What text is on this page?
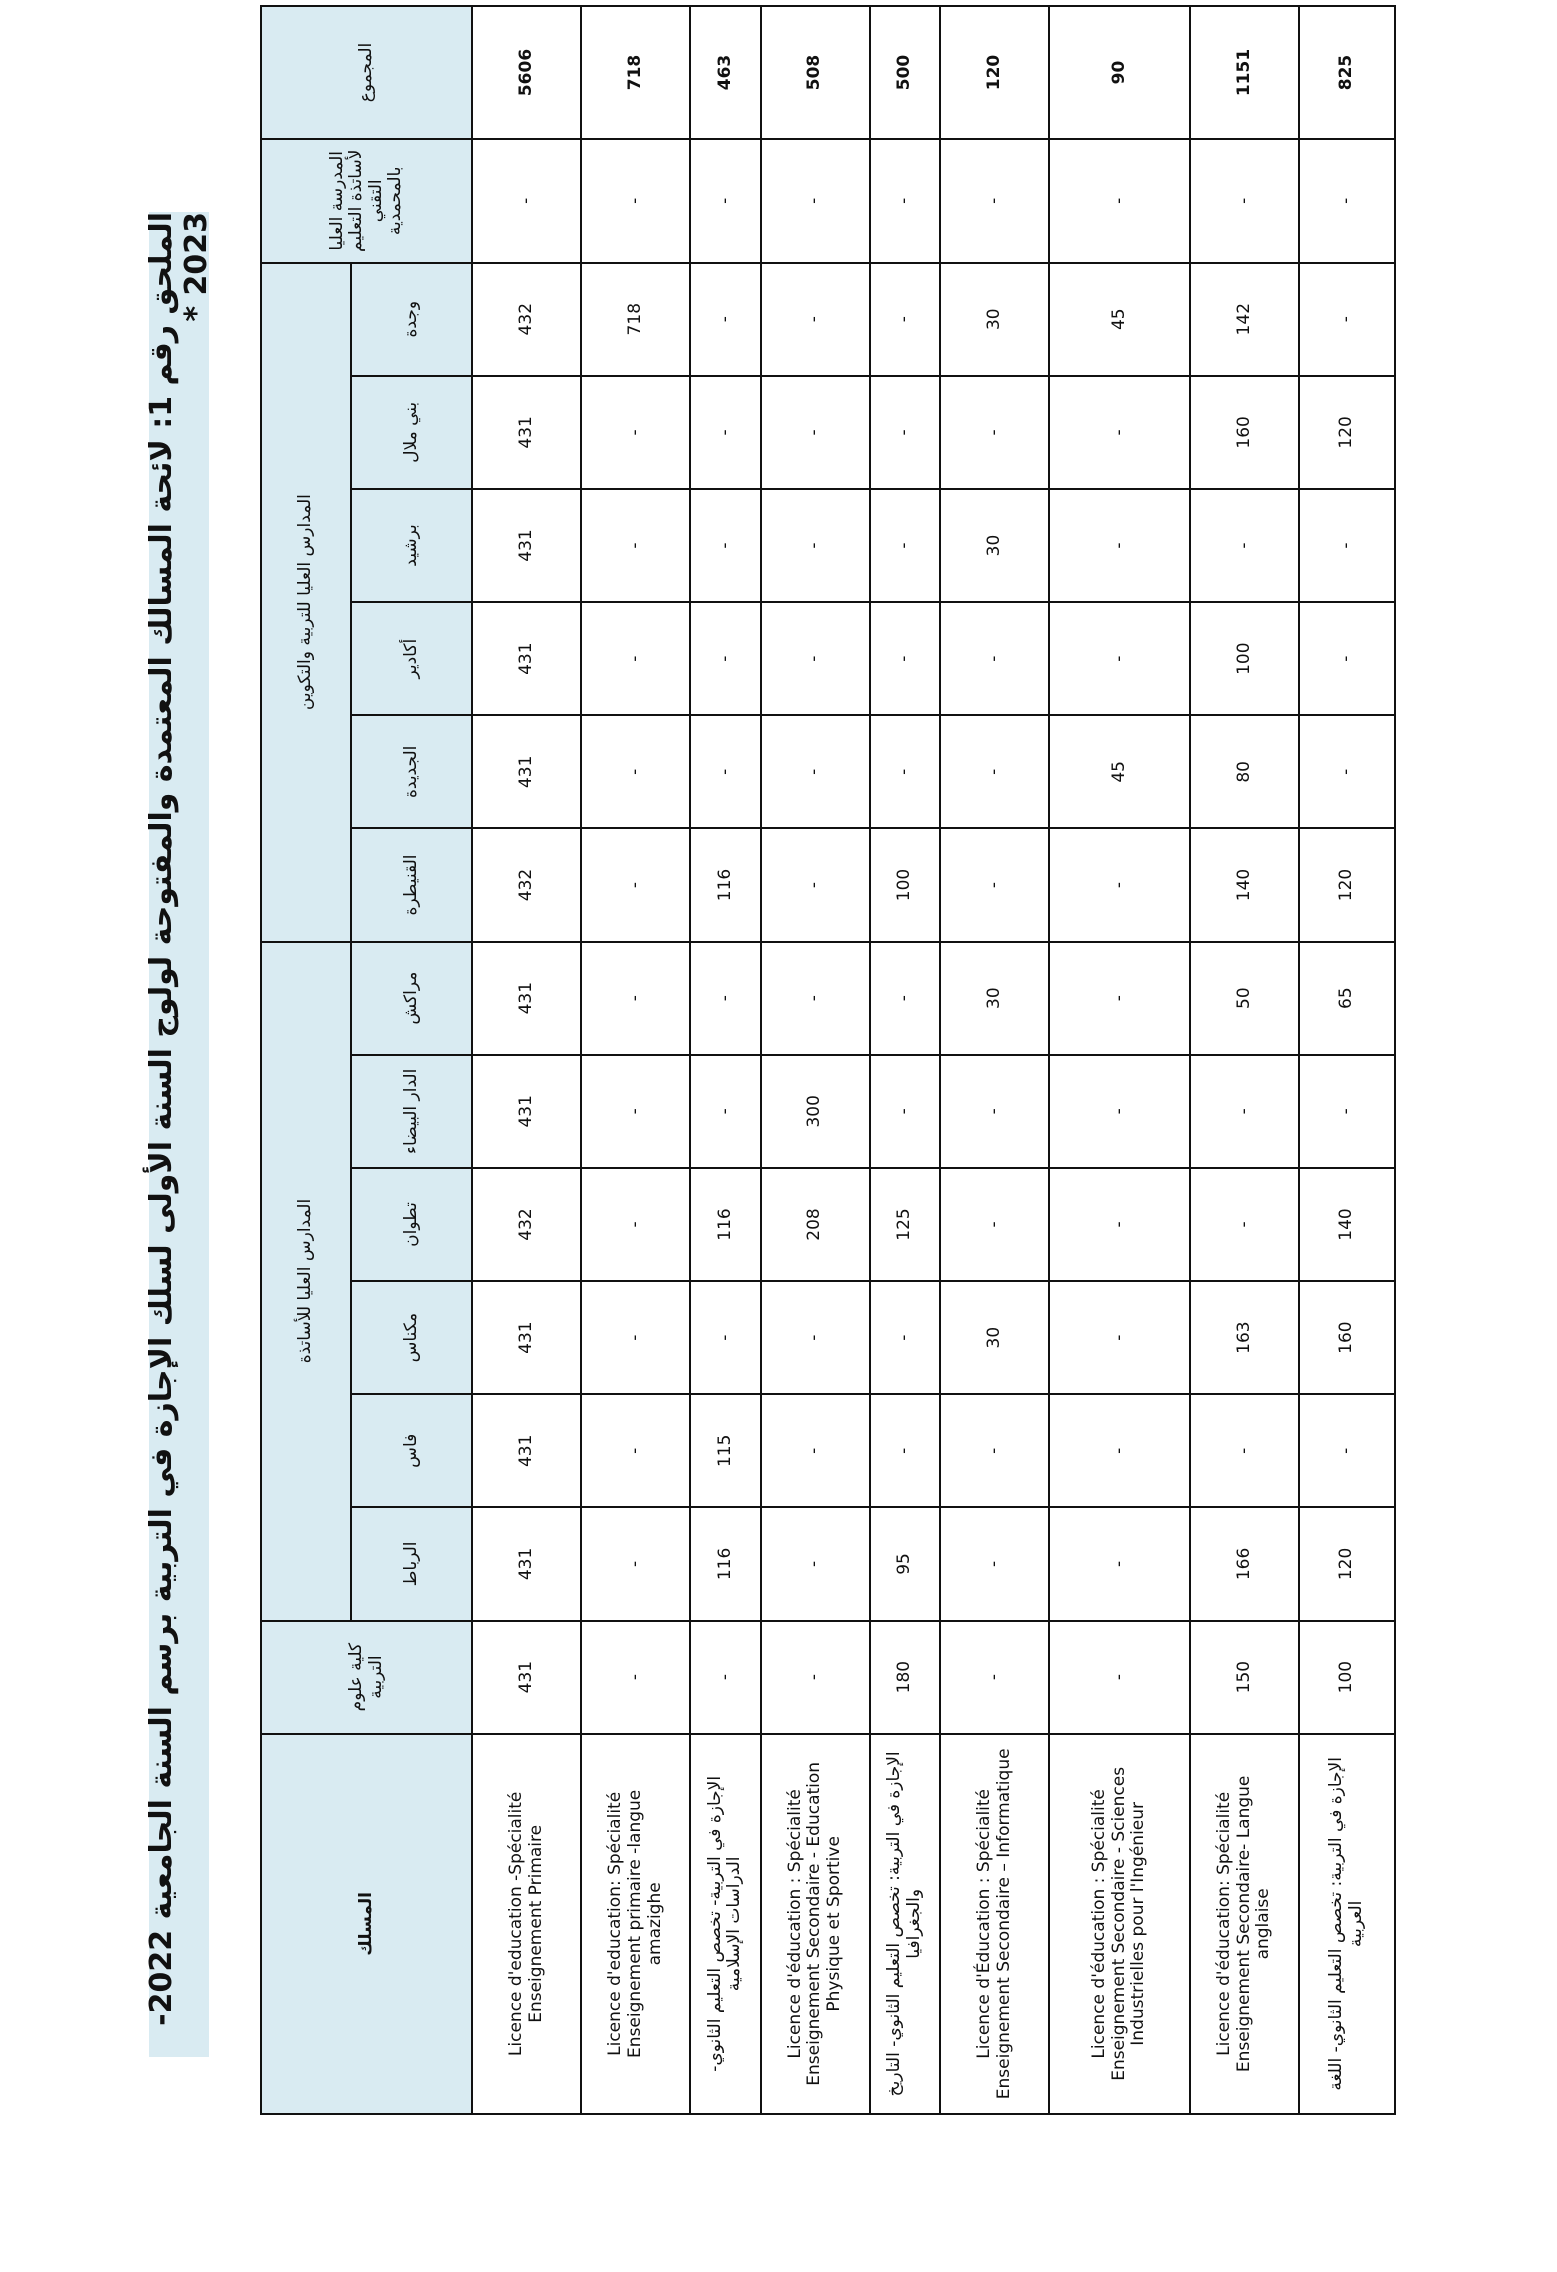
الملحق رقم 1: لائحة المسالك المعتمدة والمفتوحة لولوج السنة الأولى لسلك الإجازة في التربية برسم السنة الجامعية 2022-2023 *
المجموع	المدرسة العليا لأساتذة التعليم التقني بالمحمدية	المدارس العليا للتربية والتكوين						المدارس العليا للأساتذة						كلية علوم التربية	المسلك
		وجدة	بني ملال	برشيد	أكادير	الجديدة	القنيطرة	مراكش	الدار البيضاء	تطوان	مكناس	فاس	الرباط		
5606	-	432	431	431	431	431	432	431	431	432	431	431	431	431	Licence d'education -Spécialité Enseignement Primaire
718	-	718	-	-	-	-	-	-	-	-	-	-	-	-	Licence d'education: Spécialité Enseignement primaire -langue amazighe
463	-	-	-	-	-	-	116	-	-	116	-	115	116	-	الإجازة في التربية- تخصص التعليم الثانوي- الدراسات الإسلامية
508	-	-	-	-	-	-	-	-	300	208	-	-	-	-	Licence d'éducation : Spécialité Enseignement Secondaire - Education Physique et Sportive
500	-	-	-	-	-	-	100	-	-	125	-	-	95	180	الإجازة في التربية: تخصص التعليم الثانوي- التاريخ والجغرافيا
120	-	30	-	30	-	-	-	30	-	-	30	-	-	-	Licence d'Éducation : Spécialité Enseignement Secondaire – Informatique
90	-	45	-	-	-	45	-	-	-	-	-	-	-	-	Licence d'éducation : Spécialité Enseignement Secondaire - Sciences Industrielles pour l'Ingénieur
1151	-	142	160	-	100	80	140	50	-	-	163	-	166	150	Licence d'éducation: Spécialité Enseignement Secondaire- Langue anglaise
825	-	-	120	-	-	-	120	65	-	140	160	-	120	100	الإجازة في التربية: تخصص التعليم الثانوي- اللغة العربية
